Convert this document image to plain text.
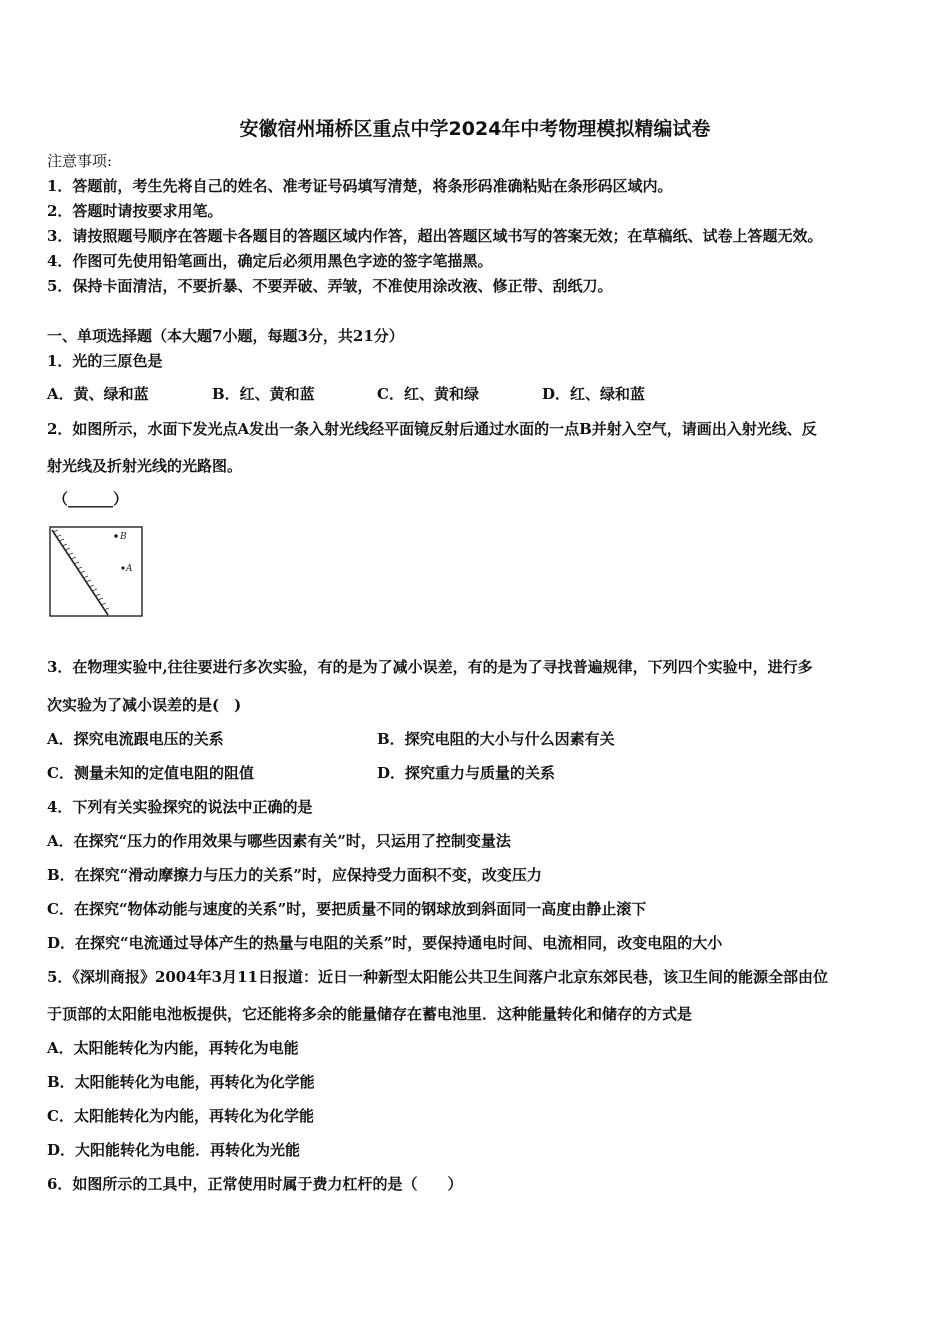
安徽宿州埇桥区重点中学2024年中考物理模拟精编试卷
注意事项:
1．答题前，考生先将自己的姓名、准考证号码填写清楚，将条形码准确粘贴在条形码区域内。
2．答题时请按要求用笔。
3．请按照题号顺序在答题卡各题目的答题区域内作答，超出答题区域书写的答案无效；在草稿纸、试卷上答题无效。
4．作图可先使用铅笔画出，确定后必须用黑色字迹的签字笔描黑。
5．保持卡面清洁，不要折暴、不要弄破、弄皱，不准使用涂改液、修正带、刮纸刀。
一、单项选择题（本大题7小题，每题3分，共21分）
1．光的三原色是
A．黄、绿和蓝	B．红、黄和蓝	C．红、黄和绿	D．红、绿和蓝
2．如图所示，水面下发光点A发出一条入射光线经平面镜反射后通过水面的一点B并射入空气，请画出入射光线、反
射光线及折射光线的光路图。
（______）
B
A
3．在物理实验中,往往要进行多次实验，有的是为了减小误差，有的是为了寻找普遍规律，下列四个实验中，进行多
次实验为了减小误差的是(　)
A．探究电流跟电压的关系	B．探究电阻的大小与什么因素有关
C．测量未知的定值电阻的阻值	D．探究重力与质量的关系
4．下列有关实验探究的说法中正确的是
A．在探究“压力的作用效果与哪些因素有关”时，只运用了控制变量法
B．在探究“滑动摩擦力与压力的关系”时，应保持受力面积不变，改变压力
C．在探究“物体动能与速度的关系”时，要把质量不同的钢球放到斜面同一高度由静止滚下
D．在探究“电流通过导体产生的热量与电阻的关系”时，要保持通电时间、电流相同，改变电阻的大小
5．《深圳商报》2004年3月11日报道：近日一种新型太阳能公共卫生间落户北京东郊民巷，该卫生间的能源全部由位
于顶部的太阳能电池板提供，它还能将多余的能量储存在蓄电池里．这种能量转化和储存的方式是
A．太阳能转化为内能，再转化为电能
B．太阳能转化为电能，再转化为化学能
C．太阳能转化为内能，再转化为化学能
D．大阳能转化为电能．再转化为光能
6．如图所示的工具中，正常使用时属于费力杠杆的是（　　）
